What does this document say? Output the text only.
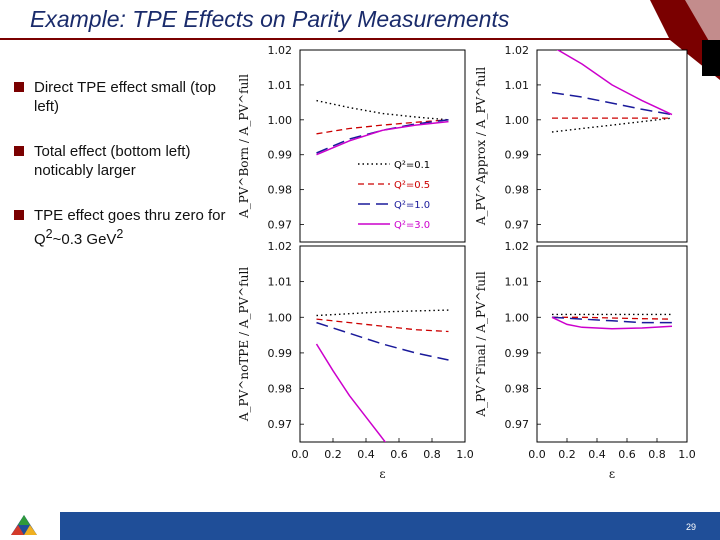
Example: TPE Effects on Parity Measurements
Direct TPE effect small (top left)
Total effect (bottom left) noticably larger
TPE effect goes thru zero for $Q^2\sim 0.3$ GeV$^2$
1.02
1.01
1.00
0.99
0.98
0.97
A_PV^Born / A_PV^full	Q²=0.1
Q²=0.5
Q²=1.0
Q²=3.0
1.02
1.01
1.00
0.99
0.98
0.97
A_PV^Approx / A_PV^full
1.02
1.01
1.00
0.99
0.98
0.97
A_PV^noTPE / A_PV^full
0.0 0.2 0.4 0.6 0.8 1.0
ε
1.02
1.01
1.00
0.99
0.98
0.97
A_PV^Final / A_PV^full
0.0 0.2 0.4 0.6 0.8 1.0
ε
29
